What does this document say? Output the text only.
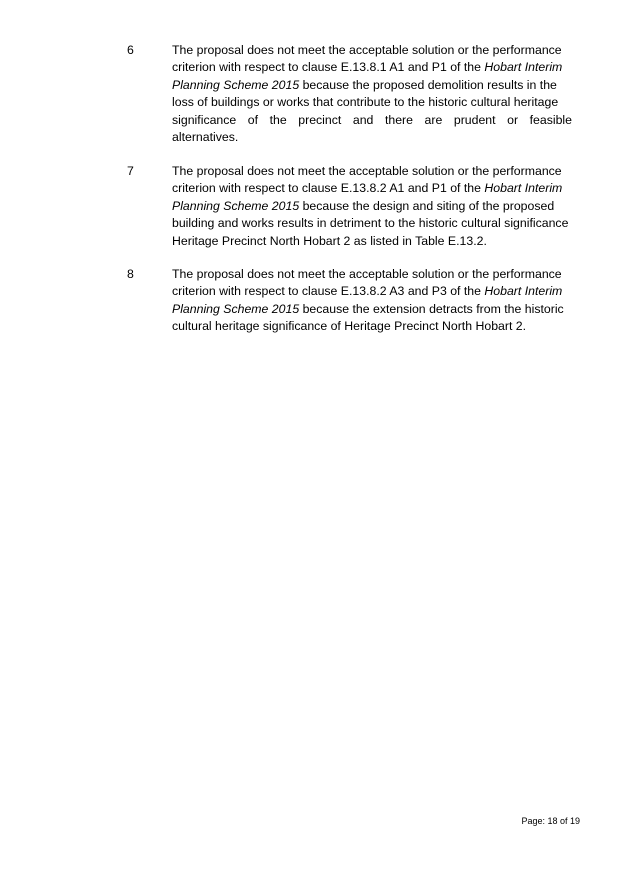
6	The proposal does not meet the acceptable solution or the performance
criterion with respect to clause E.13.8.1 A1 and P1 of the Hobart Interim
Planning Scheme 2015 because the proposed demolition results in the
loss of buildings or works that contribute to the historic cultural heritage
significance of the precinct and there are prudent or feasible
alternatives.
7	The proposal does not meet the acceptable solution or the performance
criterion with respect to clause E.13.8.2 A1 and P1 of the Hobart Interim
Planning Scheme 2015 because the design and siting of the proposed
building and works results in detriment to the historic cultural significance
Heritage Precinct North Hobart 2 as listed in Table E.13.2.
8	The proposal does not meet the acceptable solution or the performance
criterion with respect to clause E.13.8.2 A3 and P3 of the Hobart Interim
Planning Scheme 2015 because the extension detracts from the historic
cultural heritage significance of Heritage Precinct North Hobart 2.
Page: 18 of 19
